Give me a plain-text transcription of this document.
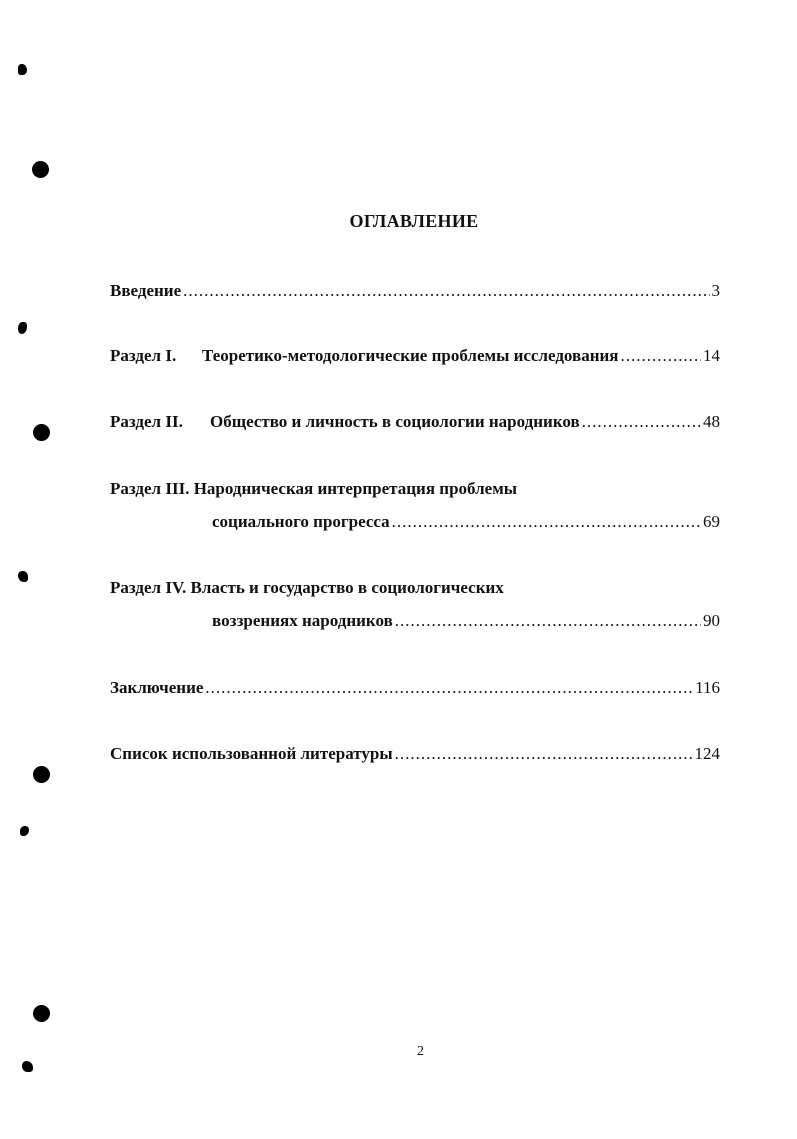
ОГЛАВЛЕНИЕ
Введение .....	3
Раздел I. Теоретико-методологические проблемы исследования .....	14
Раздел II. Общество и личность в социологии народников .....	48
Раздел III. Народническая интерпретация проблемы
социального прогресса .....	69
Раздел IV. Власть и государство в социологических
воззрениях народников .....	90
Заключение .....	116
Список использованной литературы .....	124
2
